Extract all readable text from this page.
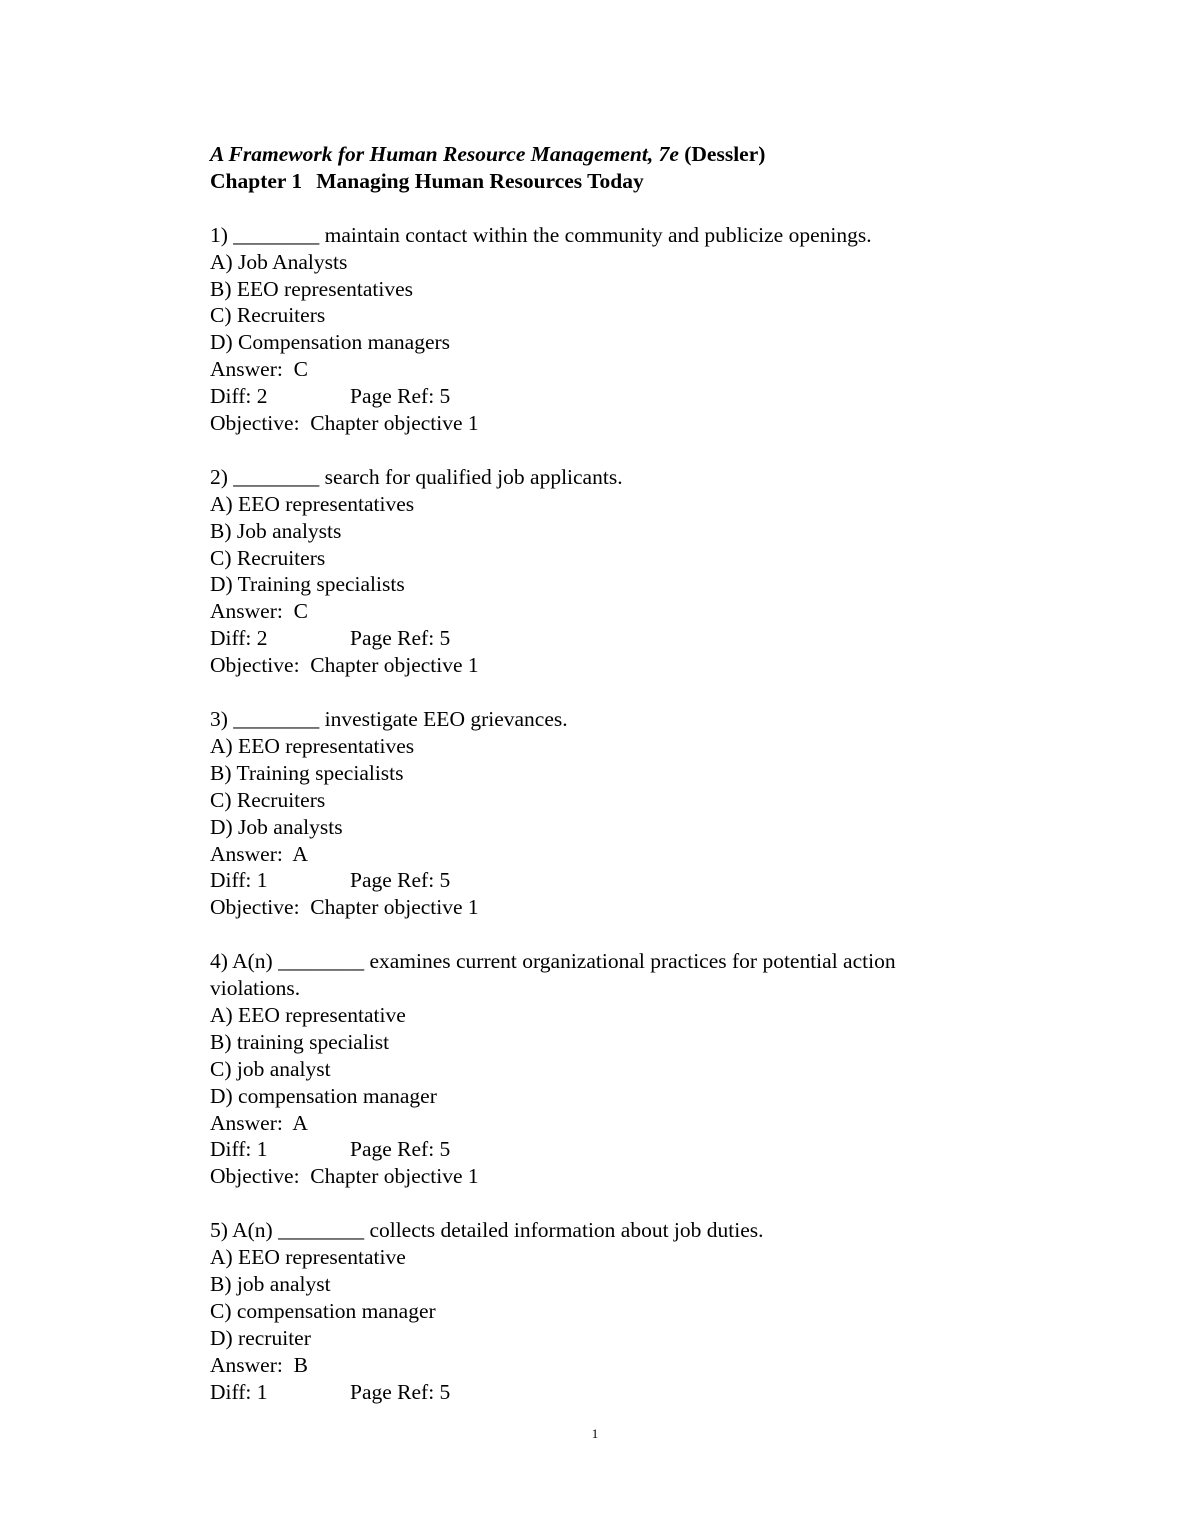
A Framework for Human Resource Management, 7e (Dessler)
Chapter 1 Managing Human Resources Today
1) ________ maintain contact within the community and publicize openings.
A) Job Analysts
B) EEO representatives
C) Recruiters
D) Compensation managers
Answer:  C
Diff: 2	Page Ref: 5
Objective:  Chapter objective 1
2) ________ search for qualified job applicants.
A) EEO representatives
B) Job analysts
C) Recruiters
D) Training specialists
Answer:  C
Diff: 2	Page Ref: 5
Objective:  Chapter objective 1
3) ________ investigate EEO grievances.
A) EEO representatives
B) Training specialists
C) Recruiters
D) Job analysts
Answer:  A
Diff: 1	Page Ref: 5
Objective:  Chapter objective 1
4) A(n) ________ examines current organizational practices for potential action violations.
A) EEO representative
B) training specialist
C) job analyst
D) compensation manager
Answer:  A
Diff: 1	Page Ref: 5
Objective:  Chapter objective 1
5) A(n) ________ collects detailed information about job duties.
A) EEO representative
B) job analyst
C) compensation manager
D) recruiter
Answer:  B
Diff: 1	Page Ref: 5
1
